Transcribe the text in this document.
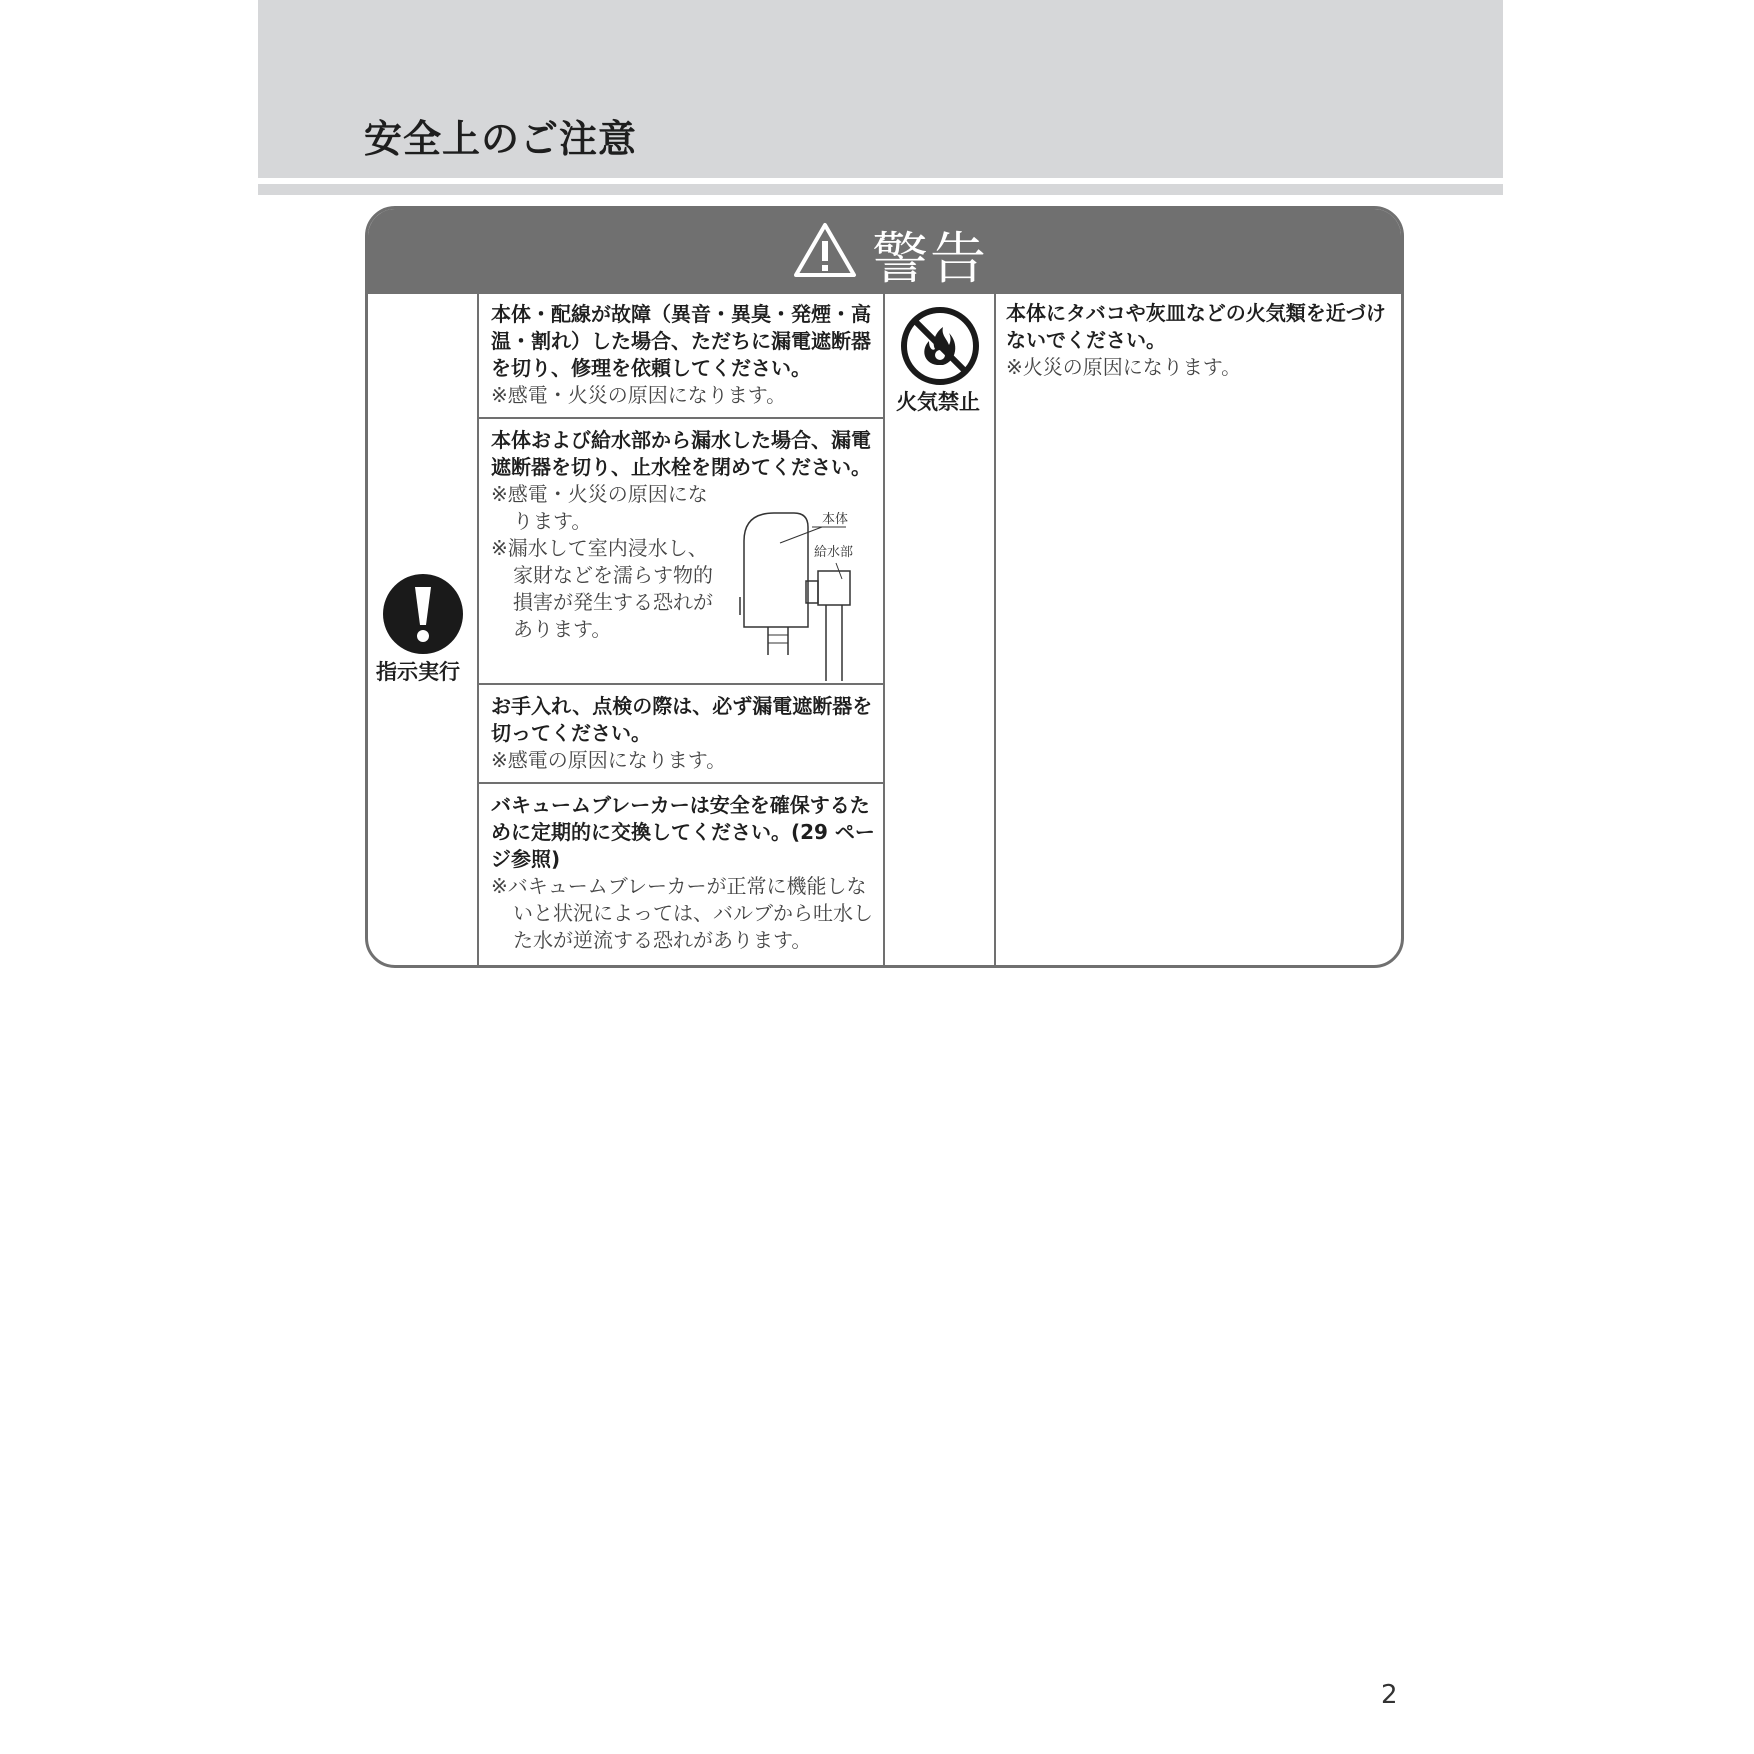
安全上のご注意
警告
指示実行
火気禁止
本体・配線が故障（異音・異臭・発煙・高温・割れ）した場合、ただちに漏電遮断器を切り、修理を依頼してください。
※感電・火災の原因になります。
本体および給水部から漏水した場合、漏電遮断器を切り、止水栓を閉めてください。
※感電・火災の原因になります。
※漏水して室内浸水し、家財などを濡らす物的損害が発生する恐れがあります。
本体
給水部
お手入れ、点検の際は、必ず漏電遮断器を切ってください。
※感電の原因になります。
バキュームブレーカーは安全を確保するために定期的に交換してください。(29 ページ参照)
※バキュームブレーカーが正常に機能しないと状況によっては、バルブから吐水した水が逆流する恐れがあります。
本体にタバコや灰皿などの火気類を近づけないでください。
※火災の原因になります。
2
